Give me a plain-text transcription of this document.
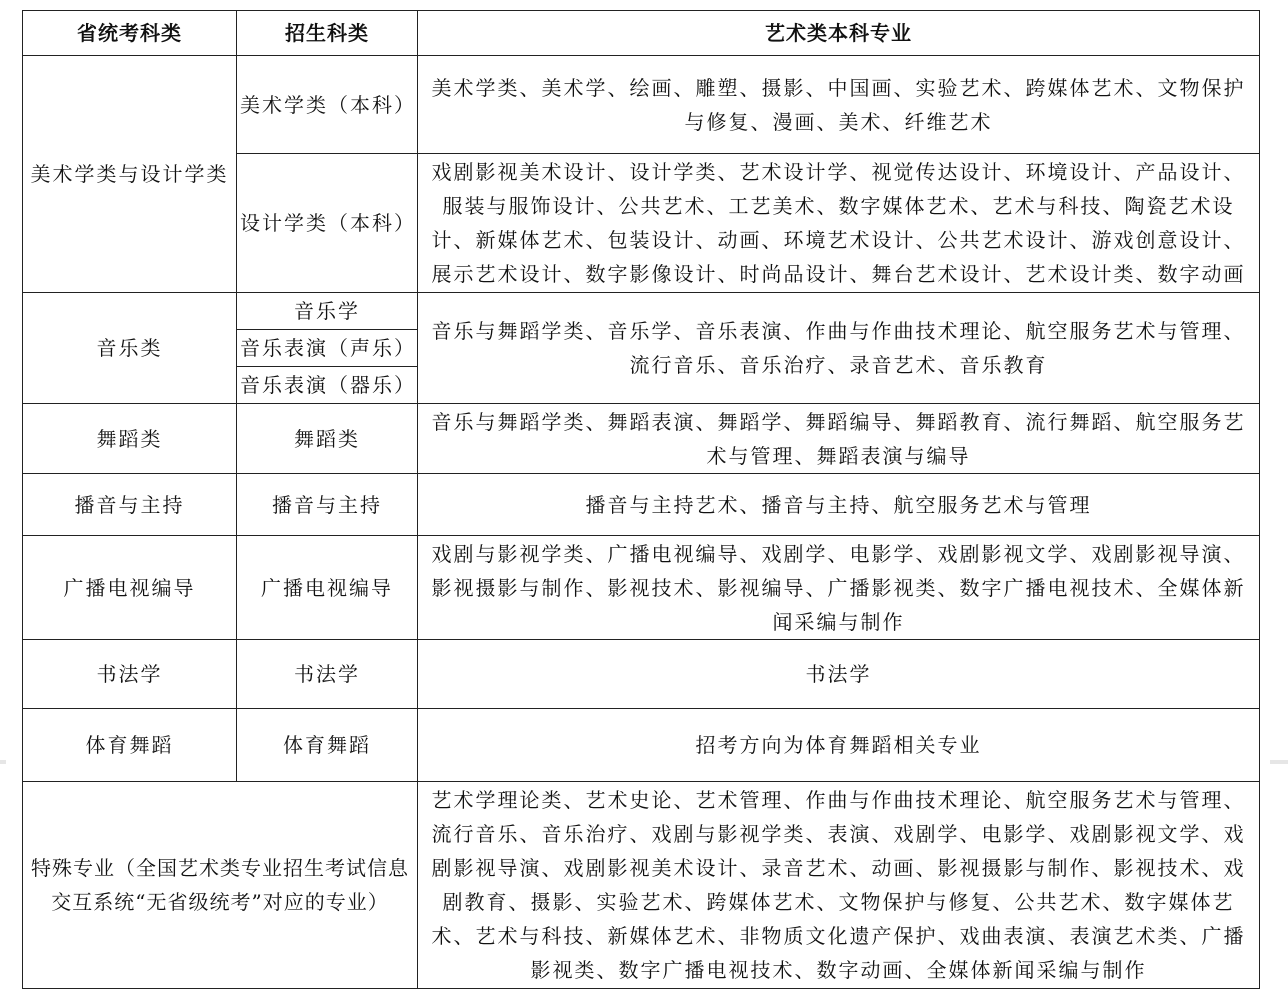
省统考科类	招生科类	艺术类本科专业
美术学类与设计学类	美术学类（本科）	美术学类、美术学、绘画、雕塑、摄影、中国画、实验艺术、跨媒体艺术、文物保护与修复、漫画、美术、纤维艺术
	设计学类（本科）	戏剧影视美术设计、设计学类、艺术设计学、视觉传达设计、环境设计、产品设计、服装与服饰设计、公共艺术、工艺美术、数字媒体艺术、艺术与科技、陶瓷艺术设计、新媒体艺术、包装设计、动画、环境艺术设计、公共艺术设计、游戏创意设计、展示艺术设计、数字影像设计、时尚品设计、舞台艺术设计、艺术设计类、数字动画
音乐类	音乐学	音乐与舞蹈学类、音乐学、音乐表演、作曲与作曲技术理论、航空服务艺术与管理、流行音乐、音乐治疗、录音艺术、音乐教育
	音乐表演（声乐）	
	音乐表演（器乐）	
舞蹈类	舞蹈类	音乐与舞蹈学类、舞蹈表演、舞蹈学、舞蹈编导、舞蹈教育、流行舞蹈、航空服务艺术与管理、舞蹈表演与编导
播音与主持	播音与主持	播音与主持艺术、播音与主持、航空服务艺术与管理
广播电视编导	广播电视编导	戏剧与影视学类、广播电视编导、戏剧学、电影学、戏剧影视文学、戏剧影视导演、影视摄影与制作、影视技术、影视编导、广播影视类、数字广播电视技术、全媒体新闻采编与制作
书法学	书法学	书法学
体育舞蹈	体育舞蹈	招考方向为体育舞蹈相关专业
特殊专业（全国艺术类专业招生考试信息交互系统“无省级统考”对应的专业）		艺术学理论类、艺术史论、艺术管理、作曲与作曲技术理论、航空服务艺术与管理、流行音乐、音乐治疗、戏剧与影视学类、表演、戏剧学、电影学、戏剧影视文学、戏剧影视导演、戏剧影视美术设计、录音艺术、动画、影视摄影与制作、影视技术、戏剧教育、摄影、实验艺术、跨媒体艺术、文物保护与修复、公共艺术、数字媒体艺术、艺术与科技、新媒体艺术、非物质文化遗产保护、戏曲表演、表演艺术类、广播影视类、数字广播电视技术、数字动画、全媒体新闻采编与制作
